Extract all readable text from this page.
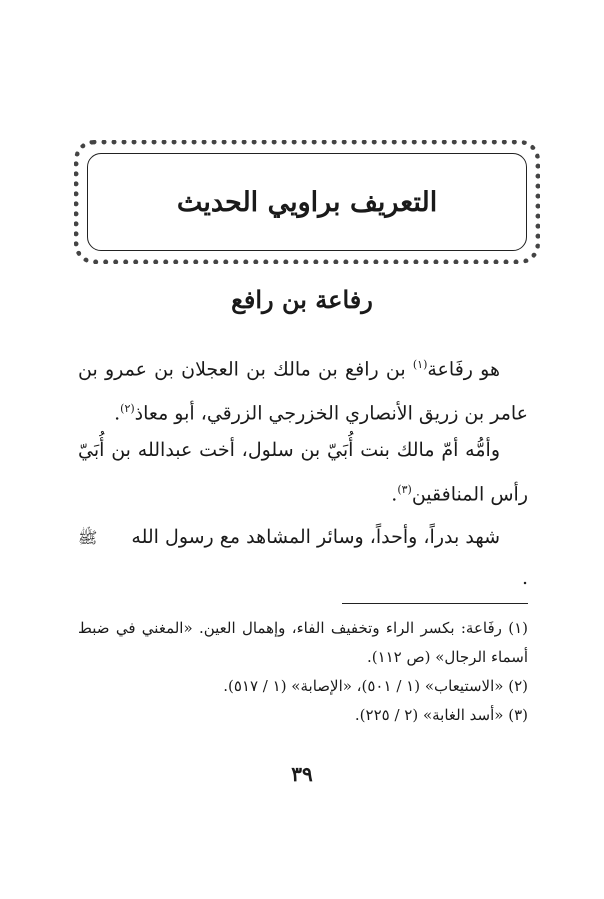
التعريف براويي الحديث
رفاعة بن رافع

هو رفَاعة$^{(١)}$ بن رافع بن مالك بن العجلان بن عمرو بن عامر بن زريق الأنصاري الخزرجي الزرقي، أبو معاذ$^{(٢)}$.

وأمُّه أمّ مالك بنت أُبَيّ بن سلول، أخت عبدالله بن أُبَيّ رأس المنافقين$^{(٣)}$.

شهد بدراً، وأحداً، وسائر المشاهد مع رسول الله ﷺ .

(١) رفَاعة: بكسر الراء وتخفيف الفاء، وإهمال العين. «المغني في ضبط أسماء الرجال» (ص ١١٢).

(٢) «الاستيعاب» (١ / ٥٠١)، «الإصابة» (١ / ٥١٧).

(٣) «أسد الغابة» (٢ / ٢٢٥).

٣٩
